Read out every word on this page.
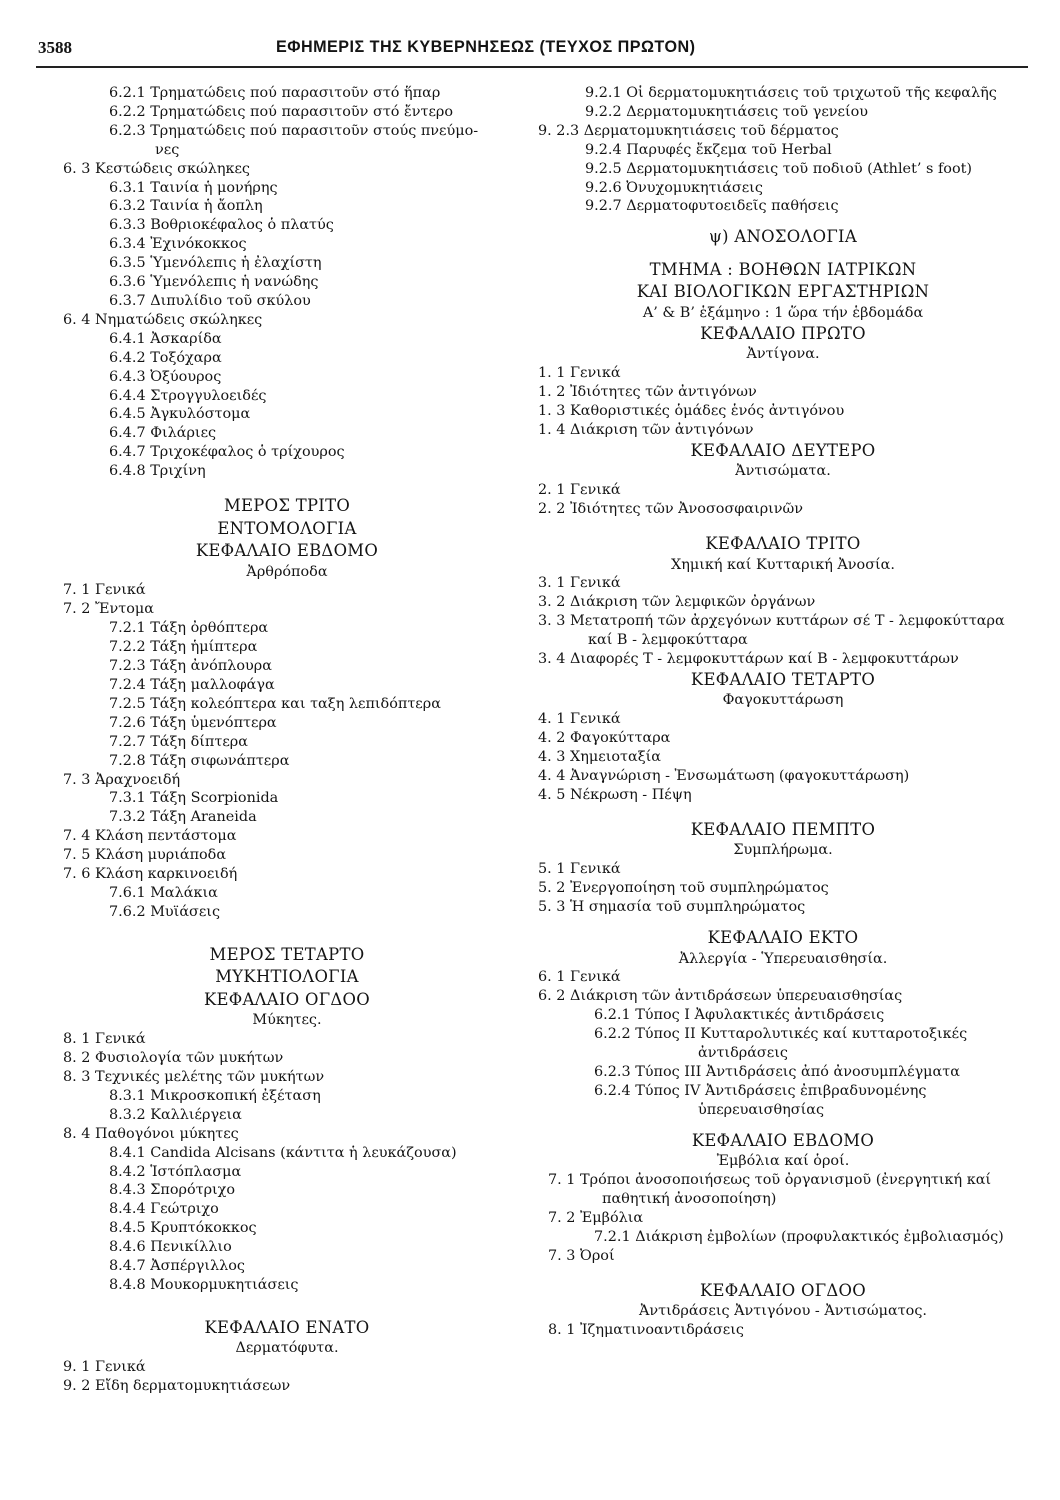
3588	ΕΦΗΜΕΡΙΣ ΤΗΣ ΚΥΒΕΡΝΗΣΕΩΣ (ΤΕΥΧΟΣ ΠΡΩΤΟΝ)
6.2.1 Τρηματώδεις πού παρασιτοῦν στό ἥπαρ
6.2.2 Τρηματώδεις πού παρασιτοῦν στό ἔντερο
6.2.3 Τρηματώδεις πού παρασιτοῦν στούς πνεύμο-
νες
6. 3 Κεστώδεις σκώληκες
6.3.1 Ταινία ἡ μονήρης
6.3.2 Ταινία ἡ ἄοπλη
6.3.3 Βοθριοκέφαλος ὁ πλατύς
6.3.4 Ἐχινόκοκκος
6.3.5 Ὑμενόλεπις ἡ ἐλαχίστη
6.3.6 Ὑμενόλεπις ἡ νανώδης
6.3.7 Διπυλίδιο τοῦ σκύλου
6. 4 Νηματώδεις σκώληκες
6.4.1 Ἀσκαρίδα
6.4.2 Τοξόχαρα
6.4.3 Ὀξύουρος
6.4.4 Στρογγυλοειδές
6.4.5 Ἀγκυλόστομα
6.4.7 Φιλάριες
6.4.7 Τριχοκέφαλος ὁ τρίχουρος
6.4.8 Τριχίνη
ΜΕΡΟΣ ΤΡΙΤΟ
ΕΝΤΟΜΟΛΟΓΙΑ
ΚΕΦΑΛΑΙΟ ΕΒΔΟΜΟ
Ἀρθρόποδα
7. 1 Γενικά
7. 2 Ἔντομα
7.2.1 Τάξη ὀρθόπτερα
7.2.2 Τάξη ἡμίπτερα
7.2.3 Τάξη ἀνόπλουρα
7.2.4 Τάξη μαλλοφάγα
7.2.5 Τάξη κολεόπτερα και ταξη λεπιδόπτερα
7.2.6 Τάξη ὑμενόπτερα
7.2.7 Τάξη δίπτερα
7.2.8 Τάξη σιφωνάπτερα
7. 3 Ἀραχνοειδή
7.3.1 Τάξη Scorpionida
7.3.2 Τάξη Araneida
7. 4 Κλάση πεντάστομα
7. 5 Κλάση μυριάποδα
7. 6 Κλάση καρκινοειδή
7.6.1 Μαλάκια
7.6.2 Μυϊάσεις
ΜΕΡΟΣ ΤΕΤΑΡΤΟ
ΜΥΚΗΤΙΟΛΟΓΙΑ
ΚΕΦΑΛΑΙΟ ΟΓΔΟΟ
Μύκητες.
8. 1 Γενικά
8. 2 Φυσιολογία τῶν μυκήτων
8. 3 Τεχνικές μελέτης τῶν μυκήτων
8.3.1 Μικροσκοπική ἐξέταση
8.3.2 Καλλιέργεια
8. 4 Παθογόνοι μύκητες
8.4.1 Candida Alcisans (κάντιτα ἡ λευκάζουσα)
8.4.2 Ἱστόπλασμα
8.4.3 Σπορότριχο
8.4.4 Γεώτριχο
8.4.5 Κρυπτόκοκκος
8.4.6 Πενικίλλιο
8.4.7 Ἀσπέργιλλος
8.4.8 Μουκορμυκητιάσεις
ΚΕΦΑΛΑΙΟ ΕΝΑΤΟ
Δερματόφυτα.
9. 1 Γενικά
9. 2 Εἴδη δερματομυκητιάσεων
9.2.1 Οἱ δερματομυκητιάσεις τοῦ τριχωτοῦ τῆς κεφαλῆς
9.2.2 Δερματομυκητιάσεις τοῦ γενείου
9. 2.3 Δερματομυκητιάσεις τοῦ δέρματος
9.2.4 Παρυφές ἔκζεμα τοῦ Herbal
9.2.5 Δερματομυκητιάσεις τοῦ ποδιοῦ (Athlet’ s foot)
9.2.6 Ὀνυχομυκητιάσεις
9.2.7 Δερματοφυτοειδεῖς παθήσεις
ψ) ΑΝΟΣΟΛΟΓΙΑ
ΤΜΗΜΑ : ΒΟΗΘΩΝ ΙΑΤΡΙΚΩΝ
ΚΑΙ ΒΙΟΛΟΓΙΚΩΝ ΕΡΓΑΣΤΗΡΙΩΝ
Α’ & Β’ ἑξάμηνο : 1 ὥρα τήν ἑβδομάδα
ΚΕΦΑΛΑΙΟ ΠΡΩΤΟ
Ἀντίγονα.
1. 1 Γενικά
1. 2 Ἰδιότητες τῶν ἀντιγόνων
1. 3 Καθοριστικές ὁμάδες ἑνός ἀντιγόνου
1. 4 Διάκριση τῶν ἀντιγόνων
ΚΕΦΑΛΑΙΟ ΔΕΥΤΕΡΟ
Ἀντισώματα.
2. 1 Γενικά
2. 2 Ἰδιότητες τῶν Ἀνοσοσφαιρινῶν
ΚΕΦΑΛΑΙΟ ΤΡΙΤΟ
Χημική καί Κυτταρική Ἀνοσία.
3. 1 Γενικά
3. 2 Διάκριση τῶν λεμφικῶν ὀργάνων
3. 3 Μετατροπή τῶν ἀρχεγόνων κυττάρων σέ Τ - λεμφοκύτταρα καί Β - λεμφοκύτταρα
3. 4 Διαφορές Τ - λεμφοκυττάρων καί Β - λεμφοκυττάρων
ΚΕΦΑΛΑΙΟ ΤΕΤΑΡΤΟ
Φαγοκυττάρωση
4. 1 Γενικά
4. 2 Φαγοκύτταρα
4. 3 Χημειοταξία
4. 4 Ἀναγνώριση - Ἐνσωμάτωση (φαγοκυττάρωση)
4. 5 Νέκρωση - Πέψη
ΚΕΦΑΛΑΙΟ ΠΕΜΠΤΟ
Συμπλήρωμα.
5. 1 Γενικά
5. 2 Ἐνεργοποίηση τοῦ συμπληρώματος
5. 3 Ἡ σημασία τοῦ συμπληρώματος
ΚΕΦΑΛΑΙΟ ΕΚΤΟ
Ἀλλεργία - Ὑπερευαισθησία.
6. 1 Γενικά
6. 2 Διάκριση τῶν ἀντιδράσεων ὑπερευαισθησίας
6.2.1 Τύπος Ι Ἀφυλακτικές ἀντιδράσεις
6.2.2 Τύπος ΙΙ Κυτταρολυτικές καί κυτταροτοξικές ἀντιδράσεις
6.2.3 Τύπος ΙΙΙ Ἀντιδράσεις ἀπό ἀνοσυμπλέγματα
6.2.4 Τύπος ΙV Ἀντιδράσεις ἐπιβραδυνομένης ὑπερευαισθησίας
ΚΕΦΑΛΑΙΟ ΕΒΔΟΜΟ
Ἐμβόλια καί ὁροί.
7. 1 Τρόποι ἀνοσοποιήσεως τοῦ ὀργανισμοῦ (ἐνεργητική καί παθητική ἀνοσοποίηση)
7. 2 Ἐμβόλια
7.2.1 Διάκριση ἐμβολίων (προφυλακτικός ἐμβολιασμός)
7. 3 Ὀροί
ΚΕΦΑΛΑΙΟ ΟΓΔΟΟ
Ἀντιδράσεις Ἀντιγόνου - Ἀντισώματος.
8. 1 Ἰζηματινοαντιδράσεις
